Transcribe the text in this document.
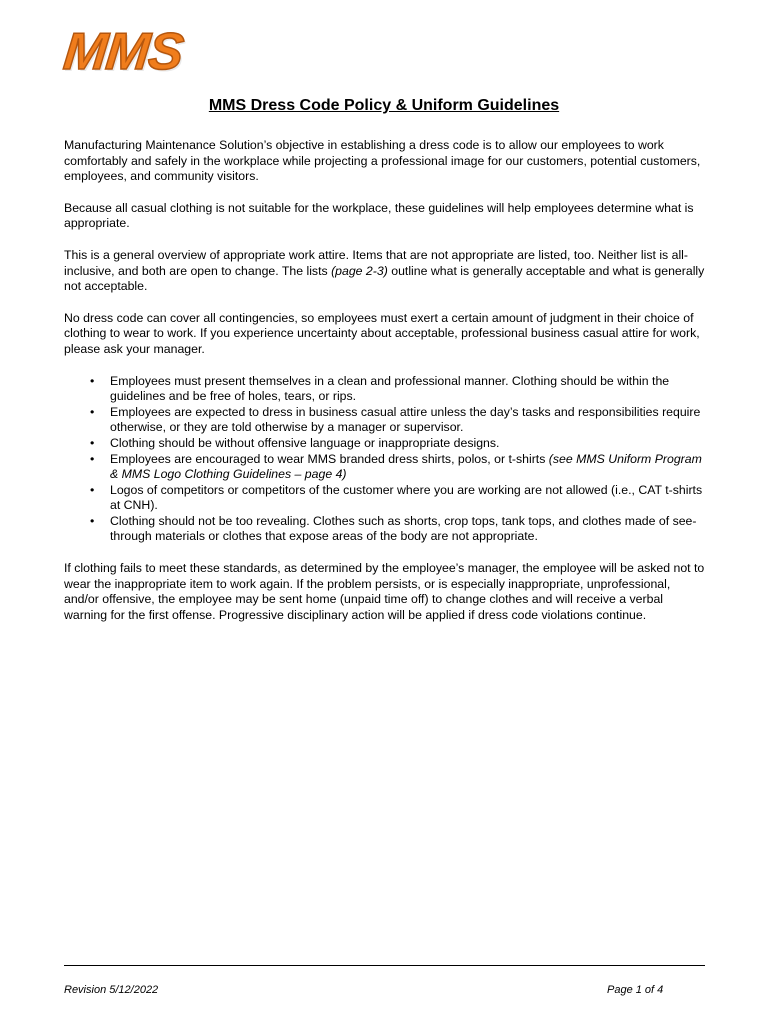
MMS
MMS Dress Code Policy & Uniform Guidelines

Manufacturing Maintenance Solution’s objective in establishing a dress code is to allow our employees to work comfortably and safely in the workplace while projecting a professional image for our customers, potential customers, employees, and community visitors.

Because all casual clothing is not suitable for the workplace, these guidelines will help employees determine what is appropriate.

This is a general overview of appropriate work attire. Items that are not appropriate are listed, too. Neither list is all-inclusive, and both are open to change. The lists (page 2-3) outline what is generally acceptable and what is generally not acceptable.

No dress code can cover all contingencies, so employees must exert a certain amount of judgment in their choice of clothing to wear to work. If you experience uncertainty about acceptable, professional business casual attire for work, please ask your manager.

• Employees must present themselves in a clean and professional manner. Clothing should be within the guidelines and be free of holes, tears, or rips.
• Employees are expected to dress in business casual attire unless the day’s tasks and responsibilities require otherwise, or they are told otherwise by a manager or supervisor.
• Clothing should be without offensive language or inappropriate designs.
• Employees are encouraged to wear MMS branded dress shirts, polos, or t-shirts (see MMS Uniform Program & MMS Logo Clothing Guidelines – page 4)
• Logos of competitors or competitors of the customer where you are working are not allowed (i.e., CAT t-shirts at CNH).
• Clothing should not be too revealing. Clothes such as shorts, crop tops, tank tops, and clothes made of see-through materials or clothes that expose areas of the body are not appropriate.

If clothing fails to meet these standards, as determined by the employee’s manager, the employee will be asked not to wear the inappropriate item to work again. If the problem persists, or is especially inappropriate, unprofessional, and/or offensive, the employee may be sent home (unpaid time off) to change clothes and will receive a verbal warning for the first offense. Progressive disciplinary action will be applied if dress code violations continue.

Revision 5/12/2022	Page 1 of 4
